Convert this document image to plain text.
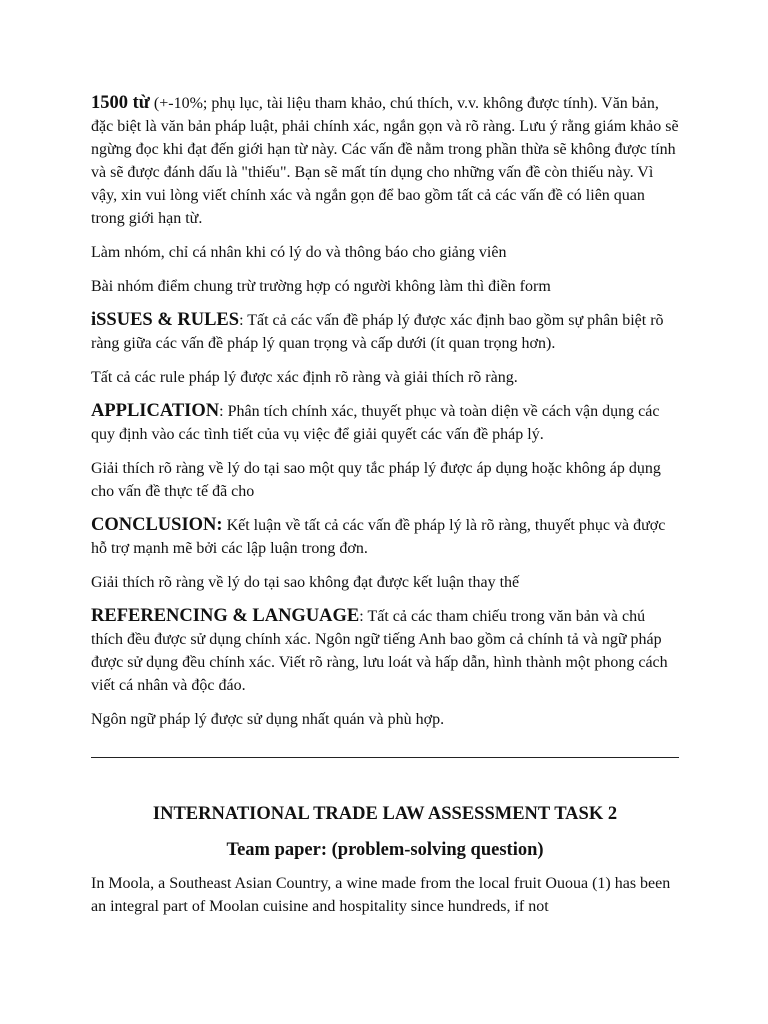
1500 từ (+-10%; phụ lục, tài liệu tham khảo, chú thích, v.v. không được tính). Văn bản, đặc biệt là văn bản pháp luật, phải chính xác, ngắn gọn và rõ ràng. Lưu ý rằng giám khảo sẽ ngừng đọc khi đạt đến giới hạn từ này. Các vấn đề nằm trong phần thừa sẽ không được tính và sẽ được đánh dấu là "thiếu". Bạn sẽ mất tín dụng cho những vấn đề còn thiếu này. Vì vậy, xin vui lòng viết chính xác và ngắn gọn để bao gồm tất cả các vấn đề có liên quan trong giới hạn từ.

Làm nhóm, chỉ cá nhân khi có lý do và thông báo cho giảng viên

Bài nhóm điểm chung trừ trường hợp có người không làm thì điền form

iSSUES & RULES: Tất cả các vấn đề pháp lý được xác định bao gồm sự phân biệt rõ ràng giữa các vấn đề pháp lý quan trọng và cấp dưới (ít quan trọng hơn).

Tất cả các rule pháp lý được xác định rõ ràng và giải thích rõ ràng.

APPLICATION: Phân tích chính xác, thuyết phục và toàn diện về cách vận dụng các quy định vào các tình tiết của vụ việc để giải quyết các vấn đề pháp lý.

Giải thích rõ ràng về lý do tại sao một quy tắc pháp lý được áp dụng hoặc không áp dụng cho vấn đề thực tế đã cho

CONCLUSION: Kết luận về tất cả các vấn đề pháp lý là rõ ràng, thuyết phục và được hỗ trợ mạnh mẽ bởi các lập luận trong đơn.

Giải thích rõ ràng về lý do tại sao không đạt được kết luận thay thế

REFERENCING & LANGUAGE: Tất cả các tham chiếu trong văn bản và chú thích đều được sử dụng chính xác. Ngôn ngữ tiếng Anh bao gồm cả chính tả và ngữ pháp được sử dụng đều chính xác. Viết rõ ràng, lưu loát và hấp dẫn, hình thành một phong cách viết cá nhân và độc đáo.

Ngôn ngữ pháp lý được sử dụng nhất quán và phù hợp.

INTERNATIONAL TRADE LAW ASSESSMENT TASK 2
Team paper: (problem-solving question)

In Moola, a Southeast Asian Country, a wine made from the local fruit Ououa (1) has been an integral part of Moolan cuisine and hospitality since hundreds, if not
